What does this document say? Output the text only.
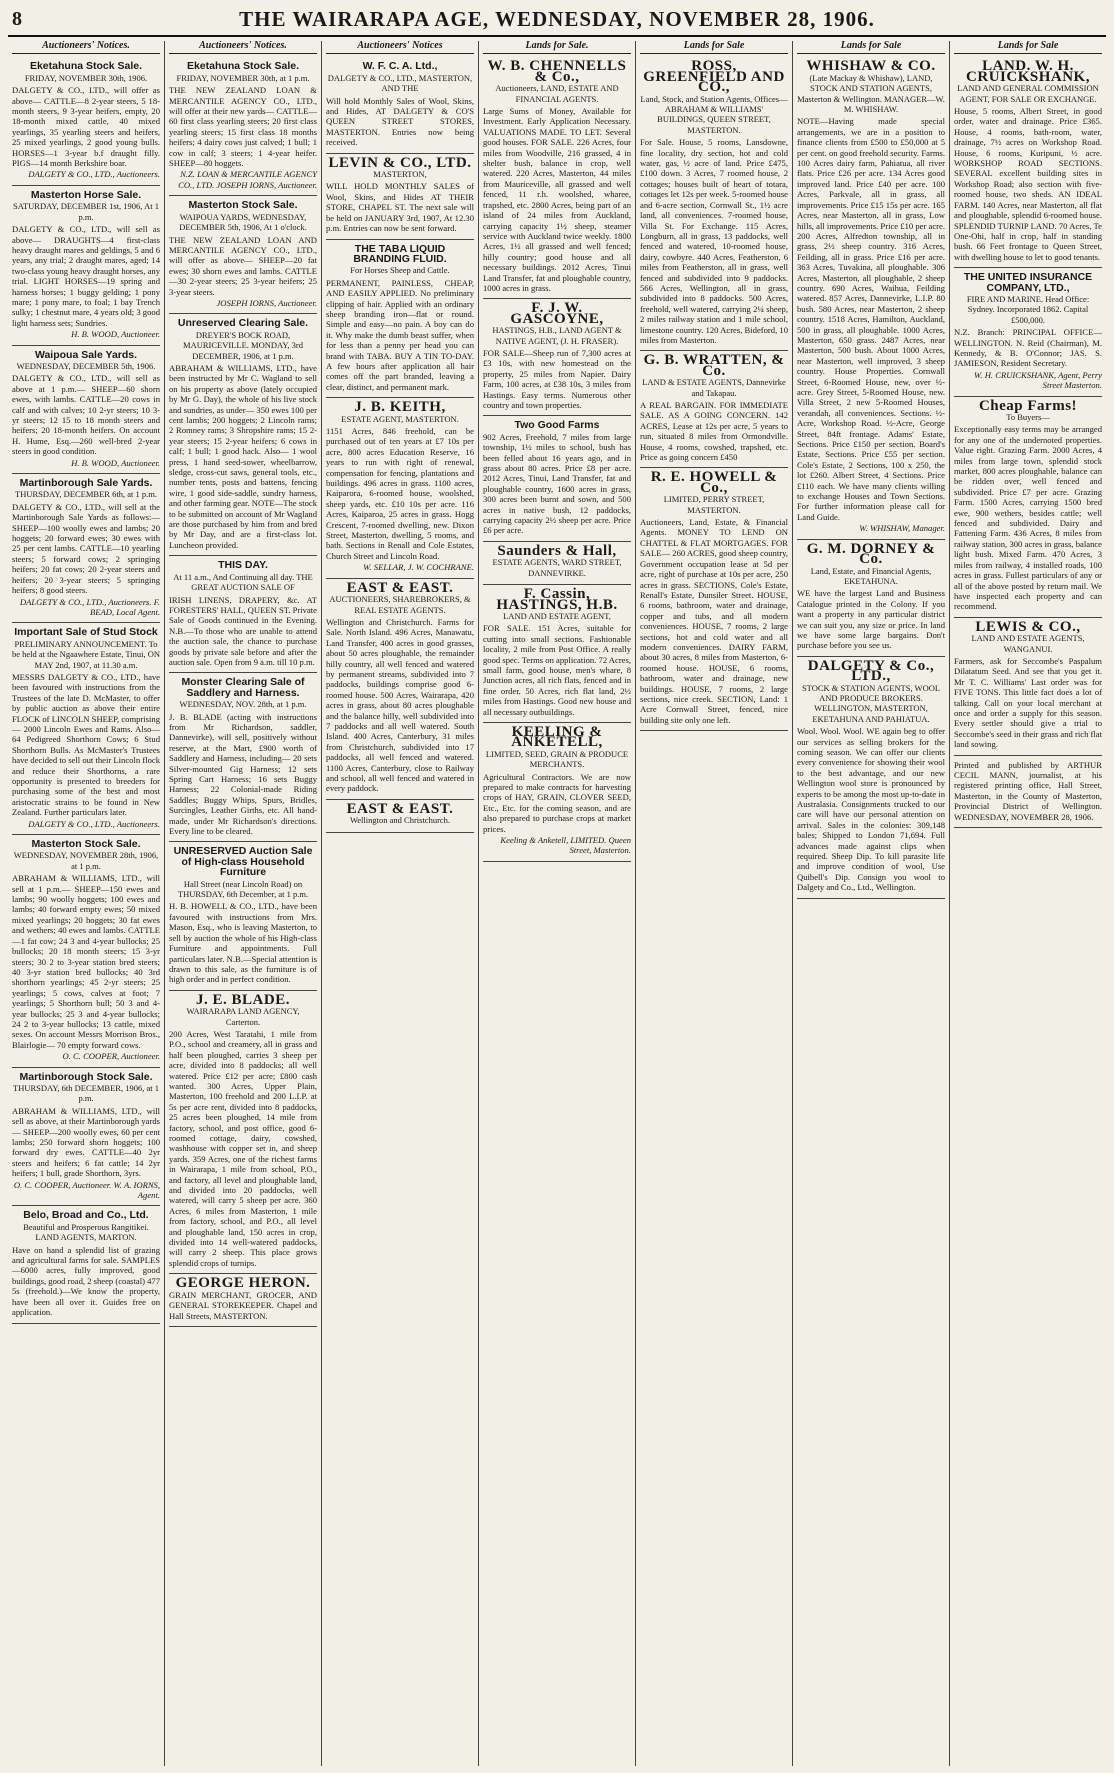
8	THE WAIRARAPA AGE, WEDNESDAY, NOVEMBER 28, 1906.
Auctioneers' Notices.
Eketahuna Stock Sale.
FRIDAY, NOVEMBER 30th, 1906.

DALGETY & CO., LTD., will offer as above— CATTLE—8 2-year steers, 5 18-month steers, 9 3-year heifers, empty, 20 18-month mixed cattle, 40 mixed yearlings, 35 yearling steers and heifers, 25 mixed yearlings, 2 good young bulls. HORSES—1 3-year b.f draught filly. PIGS—14 month Berkshire boar.

DALGETY & CO., LTD., Auctioneers.

Masterton Horse Sale.
SATURDAY, DECEMBER 1st, 1906, At 1 p.m.

DALGETY & CO., LTD., will sell as above— DRAUGHTS—4 first-class heavy draught mares and geldings, 5 and 6 years, any trial; 2 draught mares, aged; 14 two-class young heavy draught horses, any trial. LIGHT HORSES—19 spring and harness horses; 1 buggy gelding; 1 pony mare; 1 pony mare, to foal; 1 bay Trench sulky; 1 chestnut mare, 4 years old; 3 good light harness sets; Sundries.

H. B. WOOD, Auctioneer.

Waipoua Sale Yards.
WEDNESDAY, DECEMBER 5th, 1906.

DALGETY & CO., LTD., will sell as above at 1 p.m.— SHEEP—60 shorn ewes, with lambs. CATTLE—20 cows in calf and with calves; 10 2-yr steers; 10 3-yr steers; 12 15 to 18 month steers and heifers; 20 18-month heifers. On account H. Hume, Esq.—260 well-bred 2-year steers in good condition.

H. B. WOOD, Auctioneer.

Martinborough Sale Yards.
THURSDAY, DECEMBER 6th, at 1 p.m.

DALGETY & CO., LTD., will sell at the Martinborough Sale Yards as follows:— SHEEP—100 woolly ewes and lambs; 20 hoggets; 20 forward ewes; 30 ewes with 25 per cent lambs. CATTLE—10 yearling steers; 5 forward cows; 2 springing heifers; 20 fat cows; 20 2-year steers and heifers; 20 3-year steers; 5 springing heifers; 8 good steers.

DALGETY & CO., LTD., Auctioneers. F. BEAD, Local Agent.

Important Sale of Stud Stock
PRELIMINARY ANNOUNCEMENT. To be held at the Ngaawhere Estate, Tinui, ON MAY 2nd, 1907, at 11.30 a.m.

MESSRS DALGETY & CO., LTD., have been favoured with instructions from the Trustees of the late D. McMaster, to offer by public auction as above their entire FLOCK of LINCOLN SHEEP, comprising— 2000 Lincoln Ewes and Rams. Also— 64 Pedigreed Shorthorn Cows; 6 Stud Shorthorn Bulls. As McMaster's Trustees have decided to sell out their Lincoln flock and reduce their Shorthorns, a rare opportunity is presented to breeders for purchasing some of the best and most aristocratic strains to be found in New Zealand. Further particulars later.

DALGETY & CO., LTD., Auctioneers.

Masterton Stock Sale.
WEDNESDAY, NOVEMBER 28th, 1906, at 1 p.m.

ABRAHAM & WILLIAMS, LTD., will sell at 1 p.m.— SHEEP—150 ewes and lambs; 90 woolly hoggets; 100 ewes and lambs; 40 forward empty ewes; 50 mixed mixed yearlings; 20 hoggets; 30 fat ewes and wethers; 40 ewes and lambs. CATTLE—1 fat cow; 24 3 and 4-year bullocks; 25 bullocks; 20 18 month steers; 15 3-yr steers; 30 2 to 3-year station bred steers; 40 3-yr station bred bullocks; 40 3rd shorthorn yearlings; 45 2-yr steers; 25 yearlings; 5 cows, calves at foot; 7 yearlings; 5 Shorthorn bull; 50 3 and 4-year bullocks; 25 3 and 4-year bullocks; 24 2 to 3-year bullocks; 13 cattle, mixed sexes. On account Messrs Morrison Bros., Blairlogie— 70 empty forward cows.

O. C. COOPER, Auctioneer.

Martinborough Stock Sale.
THURSDAY, 6th DECEMBER, 1906, at 1 p.m.

ABRAHAM & WILLIAMS, LTD., will sell as above, at their Martinborough yards— SHEEP—200 woolly ewes, 60 per cent lambs; 250 forward shorn hoggets; 100 forward dry ewes. CATTLE—40 2yr steers and heifers; 6 fat cattle; 14 2yr heifers; 1 bull, grade Shorthorn, 3yrs.

O. C. COOPER, Auctioneer. W. A. IORNS, Agent.

Belo, Broad and Co., Ltd.
Beautiful and Prosperous Rangitikei. LAND AGENTS, MARTON.

Have on hand a splendid list of grazing and agricultural farms for sale. SAMPLES—6000 acres, fully improved, good buildings, good road, 2 sheep (coastal) 477 5s (freehold.)—We know the property, have been all over it. Guides free on application.

Auctioneers' Notices.
Eketahuna Stock Sale.
FRIDAY, NOVEMBER 30th, at 1 p.m.

THE NEW ZEALAND LOAN & MERCANTILE AGENCY CO., LTD., will offer at their new yards— CATTLE—60 first class yearling steers; 20 first class yearling steers; 15 first class 18 months heifers; 4 dairy cows just calved; 1 bull; 1 cow in calf; 3 steers; 1 4-year heifer. SHEEP—80 hoggets.

N.Z. LOAN & MERCANTILE AGENCY CO., LTD. JOSEPH IORNS, Auctioneer.

Masterton Stock Sale.
WAIPOUA YARDS, WEDNESDAY, DECEMBER 5th, 1906, At 1 o'clock.

THE NEW ZEALAND LOAN AND MERCANTILE AGENCY CO., LTD., will offer as above— SHEEP—20 fat ewes; 30 shorn ewes and lambs. CATTLE—30 2-year steers; 25 3-year heifers; 25 3-year steers.

JOSEPH IORNS, Auctioneer.

Unreserved Clearing Sale.
DREYER'S BOCK ROAD, MAURICEVILLE. MONDAY, 3rd DECEMBER, 1906, at 1 p.m.

ABRAHAM & WILLIAMS, LTD., have been instructed by Mr C. Wagland to sell on his property as above (lately occupied by Mr G. Day), the whole of his live stock and sundries, as under— 350 ewes 100 per cent lambs; 200 hoggets; 2 Lincoln rams; 2 Romney rams; 3 Shropshire rams; 15 2-year steers; 15 2-year heifers; 6 cows in calf; 1 bull; 1 good hack. Also— 1 wool press, 1 hand seed-sower, wheelbarrow, sledge, cross-cut saws, general tools, etc., number tents, posts and battens, fencing wire, 1 good side-saddle, sundry harness, and other farming gear. NOTE—The stock to be submitted on account of Mr Wagland are those purchased by him from and bred by Mr Day, and are a first-class lot. Luncheon provided.

THIS DAY.
At 11 a.m., And Continuing all day. THE GREAT AUCTION SALE OF

IRISH LINENS, DRAPERY, &c. AT FORESTERS' HALL, QUEEN ST. Private Sale of Goods continued in the Evening. N.B.—To those who are unable to attend the auction sale, the chance to purchase goods by private sale before and after the auction sale. Open from 9 a.m. till 10 p.m.

Monster Clearing Sale of Saddlery and Harness.
WEDNESDAY, NOV. 28th, at 1 p.m.

J. B. BLADE (acting with instructions from Mr Richardson, saddler, Dannevirke), will sell, positively without reserve, at the Mart, £900 worth of Saddlery and Harness, including— 20 sets Silver-mounted Gig Harness; 12 sets Spring Cart Harness; 16 sets Buggy Harness; 22 Colonial-made Riding Saddles; Buggy Whips, Spurs, Bridles, Surcingles, Leather Girths, etc. All hand-made, under Mr Richardson's directions. Every line to be cleared.

UNRESERVED Auction Sale of High-class Household Furniture
Hall Street (near Lincoln Road) on THURSDAY, 6th December, at 1 p.m.

H. B. HOWELL & CO., LTD., have been favoured with instructions from Mrs. Mason, Esq., who is leaving Masterton, to sell by auction the whole of his High-class Furniture and appointments. Full particulars later. N.B.—Special attention is drawn to this sale, as the furniture is of high order and in perfect condition.

J. E. BLADE.
WAIRARAPA LAND AGENCY, Carterton.

200 Acres, West Taratahi, 1 mile from P.O., school and creamery, all in grass and half been ploughed, carries 3 sheep per acre, divided into 8 paddocks; all well watered. Price £12 per acre; £800 cash wanted. 300 Acres, Upper Plain, Masterton, 100 freehold and 200 L.I.P. at 5s per acre rent, divided into 8 paddocks, 25 acres been ploughed, 14 mile from factory, school, and post office, good 6-roomed cottage, dairy, cowshed, washhouse with copper set in, and sheep yards. 359 Acres, one of the richest farms in Wairarapa, 1 mile from school, P.O., and factory, all level and ploughable land, and divided into 20 paddocks, well watered, will carry 5 sheep per acre. 360 Acres, 6 miles from Masterton, 1 mile from factory, school, and P.O., all level and ploughable land, 150 acres in crop, divided into 14 well-watered paddocks, will carry 2 sheep. This place grows splendid crops of turnips.

GEORGE HERON.

GRAIN MERCHANT, GROCER, AND GENERAL STOREKEEPER. Chapel and Hall Streets, MASTERTON.

Auctioneers' Notices
W. F. C. A. Ltd.,
DALGETY & CO., LTD., MASTERTON, AND THE

Will hold Monthly Sales of Wool, Skins, and Hides, AT DALGETY & CO'S QUEEN STREET STORES, MASTERTON. Entries now being received.

LEVIN & CO., LTD.
MASTERTON,

WILL HOLD MONTHLY SALES of Wool, Skins, and Hides AT THEIR STORE, CHAPEL ST. The next sale will be held on JANUARY 3rd, 1907, At 12.30 p.m. Entries can now be sent forward.

THE TABA LIQUID BRANDING FLUID.
For Horses Sheep and Cattle.

PERMANENT, PAINLESS, CHEAP, AND EASILY APPLIED. No preliminary clipping of hair. Applied with an ordinary sheep branding iron—flat or round. Simple and easy—no pain. A boy can do it. Why make the dumb beast suffer, when for less than a penny per head you can brand with TABA. BUY A TIN TO-DAY. A few hours after application all hair comes off the part branded, leaving a clear, distinct, and permanent mark.

J. B. KEITH,
ESTATE AGENT, MASTERTON.

1151 Acres, 846 freehold, can be purchased out of ten years at £7 10s per acre, 800 acres Education Reserve, 16 years to run with right of renewal, compensation for fencing, plantations and buildings. 496 acres in grass. 1100 acres, Kaiparora, 6-roomed house, woolshed, sheep yards, etc. £10 10s per acre. 116 Acres, Kaiparoa, 25 acres in grass. Hogg Crescent, 7-roomed dwelling, new. Dixon Street, Masterton, dwelling, 5 rooms, and bath. Sections in Renall and Cole Estates, Church Street and Lincoln Road.

W. SELLAR, J. W. COCHRANE.

EAST & EAST.
AUCTIONEERS, SHAREBROKERS, & REAL ESTATE AGENTS.

Wellington and Christchurch. Farms for Sale. North Island. 496 Acres, Manawatu, Land Transfer, 400 acres in good grasses, about 50 acres ploughable, the remainder hilly country, all well fenced and watered by permanent streams, subdivided into 7 paddocks, buildings comprise good 6-roomed house. 500 Acres, Wairarapa, 420 acres in grass, about 80 acres ploughable and the balance hilly, well subdivided into 7 paddocks and all well watered. South Island. 400 Acres, Canterbury, 31 miles from Christchurch, subdivided into 17 paddocks, all well fenced and watered. 1100 Acres, Canterbury, close to Railway and school, all well fenced and watered in every paddock.

EAST & EAST.
Wellington and Christchurch.
Lands for Sale.
W. B. CHENNELLS & Co.,
Auctioneers, LAND, ESTATE AND FINANCIAL AGENTS.

Large Sums of Money, Available for Investment. Early Application Necessary. VALUATIONS MADE. TO LET. Several good houses. FOR SALE. 226 Acres, four miles from Woodville, 216 grassed, 4 in shelter bush, balance in crop, well watered. 220 Acres, Masterton, 44 miles from Mauriceville, all grassed and well fenced, 11 r.h. woolshed, wharee, trapshed, etc. 2800 Acres, being part of an island of 24 miles from Auckland, carrying capacity 1½ sheep, steamer service with Auckland twice weekly. 1800 Acres, 1½ all grassed and well fenced; hilly country; good house and all necessary buildings. 2012 Acres, Tinui Land Transfer, fat and ploughable country, 1000 acres in grass.

F. J. W. GASCOYNE,
HASTINGS, H.B., LAND AGENT & NATIVE AGENT, (J. H. FRASER).

FOR SALE—Sheep run of 7,300 acres at £3 10s, with new homestead on the property, 25 miles from Napier. Dairy Farm, 100 acres, at £38 10s, 3 miles from Hastings. Easy terms. Numerous other country and town properties.

Two Good Farms

902 Acres, Freehold, 7 miles from large township, 1½ miles to school, bush has been felled about 16 years ago, and in grass about 80 acres. Price £8 per acre. 2012 Acres, Tinui, Land Transfer, fat and ploughable country, 1600 acres in grass, 300 acres been burnt and sown, and 500 acres in native bush, 12 paddocks, carrying capacity 2½ sheep per acre. Price £6 per acre.

Saunders & Hall,
ESTATE AGENTS, WARD STREET, DANNEVIRKE.
F. Cassin, HASTINGS, H.B.
LAND AND ESTATE AGENT,

FOR SALE. 151 Acres, suitable for cutting into small sections. Fashionable locality, 2 mile from Post Office. A really good spec. Terms on application. 72 Acres, small farm, good house, men's whare, 8 Junction acres, all rich flats, fenced and in fine order. 50 Acres, rich flat land, 2½ miles from Hastings. Good new house and all necessary outbuildings.

KEELING & ANKETELL,
LIMITED, SEED, GRAIN & PRODUCE MERCHANTS.

Agricultural Contractors. We are now prepared to make contracts for harvesting crops of HAY, GRAIN, CLOVER SEED, Etc., Etc. for the coming season, and are also prepared to purchase crops at market prices.

Keeling & Anketell, LIMITED. Queen Street, Masterton.

Lands for Sale
ROSS, GREENFIELD AND CO.,
Land, Stock, and Station Agents, Offices— ABRAHAM & WILLIAMS' BUILDINGS, QUEEN STREET, MASTERTON.

For Sale. House, 5 rooms, Lansdowne, fine locality, dry section, hot and cold water, gas, ½ acre of land. Price £475, £100 down. 3 Acres, 7 roomed house, 2 cottages; houses built of heart of totara, cottages let 12s per week. 5-roomed house and 6-acre section, Cornwall St., 1½ acre land, all conveniences. 7-roomed house, Villa St. For Exchange. 115 Acres, Longburn, all in grass, 13 paddocks, well fenced and watered, 10-roomed house, dairy, cowbyre. 440 Acres, Featherston, 6 miles from Featherston, all in grass, well fenced and subdivided into 9 paddocks. 566 Acres, Wellington, all in grass, subdivided into 8 paddocks. 500 Acres, freehold, well watered, carrying 2¼ sheep, 2 miles railway station and 1 mile school, limestone country. 120 Acres, Bideford, 10 miles from Masterton.

G. B. WRATTEN, & Co.
LAND & ESTATE AGENTS, Dannevirke and Takapau.

A REAL BARGAIN. FOR IMMEDIATE SALE. AS A GOING CONCERN. 142 ACRES, Lease at 12s per acre, 5 years to run, situated 8 miles from Ormondville. House, 4 rooms, cowshed, trapshed, etc. Price as going concern £450

R. E. HOWELL & Co.,
LIMITED, PERRY STREET, MASTERTON.

Auctioneers, Land, Estate, & Financial Agents. MONEY TO LEND ON CHATTEL & FLAT MORTGAGES. FOR SALE— 260 ACRES, good sheep country, Government occupation lease at 5d per acre, right of purchase at 10s per acre, 250 acres in grass. SECTIONS, Cole's Estate, Renall's Estate, Dunsiler Street. HOUSE, 6 rooms, bathroom, water and drainage, copper and tubs, and all modern conveniences. HOUSE, 7 rooms, 2 large sections, hot and cold water and all modern conveniences. DAIRY FARM, about 30 acres, 8 miles from Masterton, 6-roomed house. HOUSE, 6 rooms, bathroom, water and drainage, new buildings. HOUSE, 7 rooms, 2 large sections, nice creek. SECTION, Land: 1 Acre Cornwall Street, fenced, nice building site only one left.

Lands for Sale
WHISHAW & CO.
(Late Mackay & Whishaw), LAND, STOCK AND STATION AGENTS, Masterton & Wellington. MANAGER—W. M. WHISHAW.

NOTE—Having made special arrangements, we are in a position to finance clients from £500 to £50,000 at 5 per cent. on good freehold security. Farms. 100 Acres dairy farm, Pahiatua, all river flats. Price £26 per acre. 134 Acres good improved land. Price £40 per acre. 100 Acres, Parkvale, all in grass, all improvements. Price £15 15s per acre. 165 Acres, near Masterton, all in grass, Low hills, all improvements. Price £10 per acre. 200 Acres, Alfredton township, all in grass, 2½ sheep country. 316 Acres, Feilding, all in grass. Price £16 per acre. 363 Acres, Tuvakina, all ploughable. 306 Acres, Masterton, all ploughable, 2 sheep country. 690 Acres, Waihua, Feilding watered. 857 Acres, Dannevirke, L.I.P. 80 bush. 580 Acres, near Masterton, 2 sheep country. 1518 Acres, Hamilton, Auckland, 500 in grass, all ploughable. 1000 Acres, Masterton, 650 grass. 2487 Acres, near Masterton, 500 bush. About 1000 Acres, near Masterton, well improved, 3 sheep country. House Properties. Cornwall Street, 6-Roomed House, new, over ½-acre. Grey Street, 5-Roomed House, new. Villa Street, 2 new 5-Roomed Houses, verandah, all conveniences. Sections. ½-Acre, Workshop Road. ½-Acre, George Street, 84ft frontage. Adams' Estate, Sections. Price £150 per section. Board's Estate, Sections. Price £55 per section. Cole's Estate, 2 Sections, 100 x 250, the lot £260. Albert Street, 4 Sections. Price £110 each. We have many clients willing to exchange Houses and Town Sections. For further information please call for Land Guide.

W. WHISHAW, Manager.

G. M. DORNEY & Co.
Land, Estate, and Financial Agents, EKETAHUNA.

WE have the largest Land and Business Catalogue printed in the Colony. If you want a property in any particular district we can suit you, any size or price. In land we have some large bargains. Don't purchase before you see us.

DALGETY & Co., LTD.,
STOCK & STATION AGENTS, WOOL AND PRODUCE BROKERS. WELLINGTON, MASTERTON, EKETAHUNA AND PAHIATUA.

Wool. Wool. Wool. WE again beg to offer our services as selling brokers for the coming season. We can offer our clients every convenience for showing their wool to the best advantage, and our new Wellington wool store is pronounced by experts to be among the most up-to-date in Australasia. Consignments trucked to our care will have our personal attention on arrival. Sales in the colonies: 309,148 bales; Shipped to London 71,694. Full advances made against clips when required. Sheep Dip. To kill parasite life and improve condition of wool, Use Quibell's Dip. Consign you wool to Dalgety and Co., Ltd., Wellington.

Lands for Sale
LAND. W. H. CRUICKSHANK,
LAND AND GENERAL COMMISSION AGENT, FOR SALE OR EXCHANGE.

House, 5 rooms, Albert Street, in good order, water and drainage. Price £365. House, 4 rooms, bath-room, water, drainage, 7½ acres on Workshop Road. House, 6 rooms, Kuripuni, ½ acre. WORKSHOP ROAD SECTIONS. SEVERAL excellent building sites in Workshop Road; also section with five-roomed house, two sheds. AN IDEAL FARM. 140 Acres, near Masterton, all flat and ploughable, splendid 6-roomed house. SPLENDID TURNIP LAND. 70 Acres, Te One-Ohi, half in crop, half in standing bush. 66 Feet frontage to Queen Street, with dwelling house to let to good tenants.

THE UNITED INSURANCE COMPANY, LTD.,
FIRE AND MARINE. Head Office: Sydney. Incorporated 1862. Capital £500,000.

N.Z. Branch: PRINCIPAL OFFICE—WELLINGTON. N. Reid (Chairman), M. Kennedy, & B. O'Connor; JAS. S. JAMIESON, Resident Secretary.

W. H. CRUICKSHANK, Agent, Perry Street Masterton.

Cheap Farms!
To Buyers—

Exceptionally easy terms may be arranged for any one of the undernoted properties. Value right. Grazing Farm. 2000 Acres, 4 miles from large town, splendid stock market, 800 acres ploughable, balance can be ridden over, well fenced and subdivided. Price £7 per acre. Grazing Farm. 1500 Acres, carrying 1500 bred ewe, 900 wethers, besides cattle; well fenced and subdivided. Dairy and Fattening Farm. 436 Acres, 8 miles from railway station, 300 acres in grass, balance light bush. Mixed Farm. 470 Acres, 3 miles from railway, 4 installed roads, 100 acres in grass. Fullest particulars of any or all of the above posted by return mail. We have inspected each property and can recommend.

LEWIS & CO.,
LAND AND ESTATE AGENTS, WANGANUI.

Farmers, ask for Seccombe's Paspalum Dilatatum Seed. And see that you get it. Mr T. C. Williams' Last order was for FIVE TONS. This little fact does a lot of talking. Call on your local merchant at once and order a supply for this season. Every settler should give a trial to Seccombe's seed in their grass and rich flat land sowing.

Printed and published by ARTHUR CECIL MANN, journalist, at his registered printing office, Hall Street, Masterton, in the County of Masterton, Provincial District of Wellington. WEDNESDAY, NOVEMBER 28, 1906.
